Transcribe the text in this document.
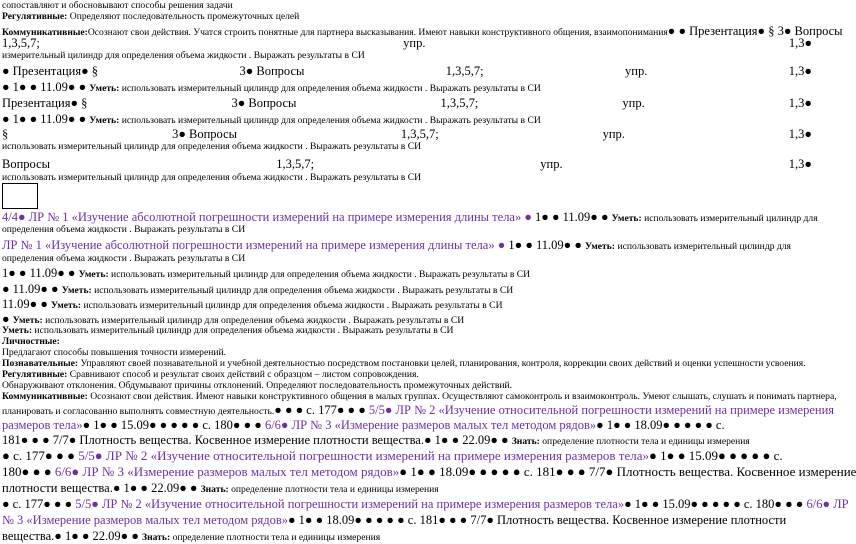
сопоставляют и обосновывают способы решения задачи
Регулятивные: Определяют последовательность промежуточных целей
Коммуникативные:Осознают свои действия. Учатся строить понятные для партнера высказывания. Имеют навыки конструктивного общения, взаимопонимания● ● Презентация● § 3● Вопросы
1,3,5,7;	упр.	1,3●
измерительный цилиндр для определения объема жидкости . Выражать результаты в СИ
● Презентация● §	3● Вопросы	1,3,5,7;	упр.	1,3●
● 1● ● 11.09● ● Уметь: использовать измерительный цилиндр для определения объема жидкости . Выражать результаты в СИ
Презентация● §	3● Вопросы	1,3,5,7;	упр.	1,3●
● 1● ● 11.09● ● Уметь: использовать измерительный цилиндр для определения объема жидкости . Выражать результаты в СИ
§	3● Вопросы	1,3,5,7;	упр.	1,3●
использовать измерительный цилиндр для определения объема жидкости . Выражать результаты в СИ
Вопросы	1,3,5,7;	упр.	1,3●
использовать измерительный цилиндр для определения объема жидкости . Выражать результаты в СИ
4/4● ЛР № 1 «Изучение абсолютной погрешности измерений на примере измерения длины тела» ● 1● ● 11.09● ● Уметь: использовать измерительный цилиндр для
определения объема жидкости . Выражать результаты в СИ
ЛР № 1 «Изучение абсолютной погрешности измерений на примере измерения длины тела» ● 1● ● 11.09● ● Уметь: использовать измерительный цилиндр для
определения объема жидкости . Выражать результаты в СИ
1● ● 11.09● ● Уметь: использовать измерительный цилиндр для определения объема жидкости . Выражать результаты в СИ
● 11.09● ● Уметь: использовать измерительный цилиндр для определения объема жидкости . Выражать результаты в СИ
11.09● ● Уметь: использовать измерительный цилиндр для определения объема жидкости . Выражать результаты в СИ
● Уметь: использовать измерительный цилиндр для определения объема жидкости . Выражать результаты в СИ
Уметь: использовать измерительный цилиндр для определения объема жидкости . Выражать результаты в СИ
Личностные:
Предлагают способы повышения точности измерений.
Познавательные: Управляют своей познавательной и учебной деятельностью посредством постановки целей, планирования, контроля, коррекции своих действий и оценки успешности усвоения.
Регулятивные: Сравнивают способ и результат своих действий с образцом – листом сопровождения.
Обнаруживают отклонения. Обдумывают причины отклонений. Определяют последовательность промежуточных действий.
Коммуникативные: Осознают свои действия. Имеют навыки конструктивного общения в малых группах. Осуществляют самоконтроль и взаимоконтроль. Умеют слышать, слушать и понимать партнера,
планировать и согласованно выполнять совместную деятельность.● ● ● с. 177● ● ● 5/5● ЛР № 2 «Изучение относительной погрешности измерений на примере измерения
размеров тела»● 1● ● 15.09● ● ● ● ● с. 180● ● ● 6/6● ЛР № 3 «Измерение размеров малых тел методом рядов»● 1● ● 18.09● ● ● ● ● с.
181● ● ● 7/7● Плотность вещества. Косвенное измерение плотности вещества.● 1● ● 22.09● ● Знать: определение плотности тела и единицы измерения
● с. 177● ● ● 5/5● ЛР № 2 «Изучение относительной погрешности измерений на примере измерения размеров тела»● 1● ● 15.09● ● ● ● ● с.
180● ● ● 6/6● ЛР № 3 «Измерение размеров малых тел методом рядов»● 1● ● 18.09● ● ● ● ● с. 181● ● ● 7/7● Плотность вещества. Косвенное измерение
плотности вещества.● 1● ● 22.09● ● Знать: определение плотности тела и единицы измерения
● с. 177● ● ● 5/5● ЛР № 2 «Изучение относительной погрешности измерений на примере измерения размеров тела»● 1● ● 15.09● ● ● ● ● с. 180● ● ● 6/6● ЛР
№ 3 «Измерение размеров малых тел методом рядов»● 1● ● 18.09● ● ● ● ● с. 181● ● ● 7/7● Плотность вещества. Косвенное измерение плотности
вещества.● 1● ● 22.09● ● Знать: определение плотности тела и единицы измерения
